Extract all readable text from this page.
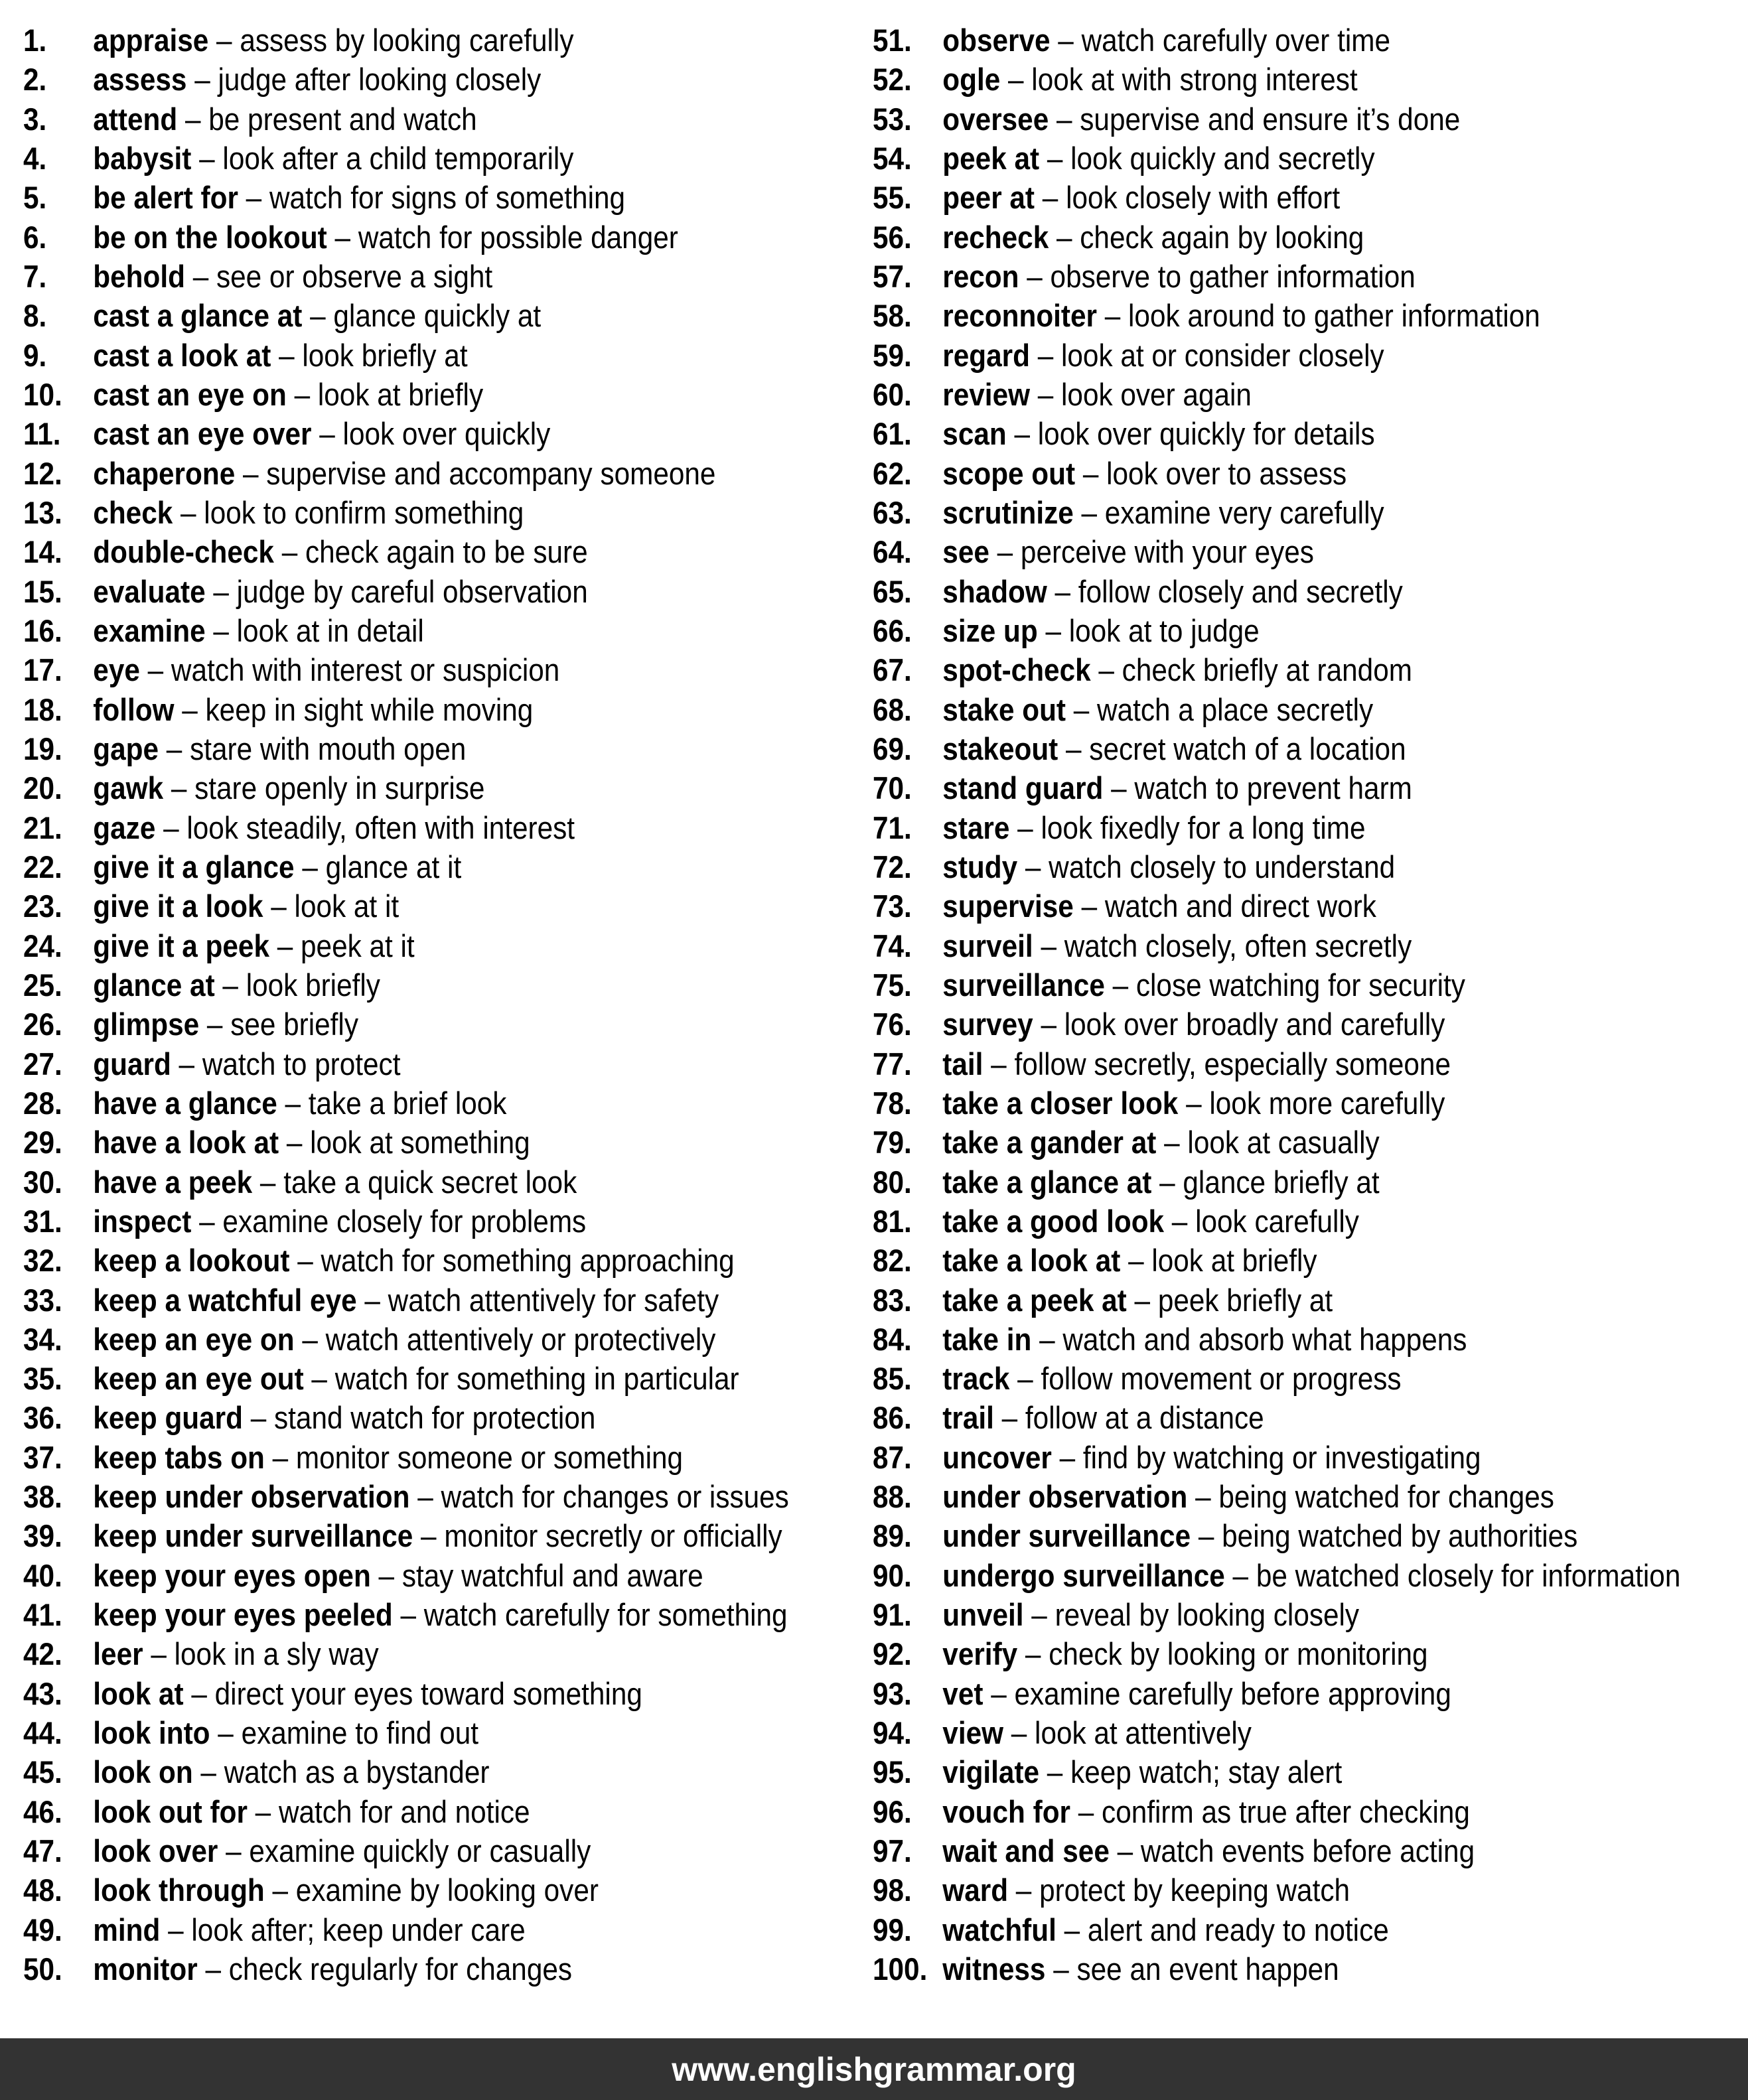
1.	appraise – assess by looking carefully
2.	assess – judge after looking closely
3.	attend – be present and watch
4.	babysit – look after a child temporarily
5.	be alert for – watch for signs of something
6.	be on the lookout – watch for possible danger
7.	behold – see or observe a sight
8.	cast a glance at – glance quickly at
9.	cast a look at – look briefly at
10. cast an eye on – look at briefly
11.	cast an eye over – look over quickly
12. chaperone – supervise and accompany someone
13. check – look to confirm something
14. double-check – check again to be sure
15. evaluate – judge by careful observation
16. examine – look at in detail
17. eye – watch with interest or suspicion
18. follow – keep in sight while moving
19. gape – stare with mouth open
20. gawk – stare openly in surprise
21. gaze – look steadily, often with interest
22. give it a glance – glance at it
23. give it a look – look at it
24. give it a peek – peek at it
25. glance at – look briefly
26. glimpse – see briefly
27. guard – watch to protect
28. have a glance – take a brief look
29. have a look at – look at something
30. have a peek – take a quick secret look
31. inspect – examine closely for problems
32. keep a lookout – watch for something approaching
33. keep a watchful eye – watch attentively for safety
34. keep an eye on – watch attentively or protectively
35. keep an eye out – watch for something in particular
36. keep guard – stand watch for protection
37. keep tabs on – monitor someone or something
38. keep under observation – watch for changes or issues
39. keep under surveillance – monitor secretly or officially
40. keep your eyes open – stay watchful and aware
41. keep your eyes peeled – watch carefully for something
42. leer – look in a sly way
43. look at – direct your eyes toward something
44. look into – examine to find out
45. look on – watch as a bystander
46. look out for – watch for and notice
47. look over – examine quickly or casually
48. look through – examine by looking over
49. mind – look after; keep under care
50. monitor – check regularly for changes
51. observe – watch carefully over time
52. ogle – look at with strong interest
53. oversee – supervise and ensure it’s done
54. peek at – look quickly and secretly
55. peer at – look closely with effort
56. recheck – check again by looking
57. recon – observe to gather information
58. reconnoiter – look around to gather information
59. regard – look at or consider closely
60. review – look over again
61. scan – look over quickly for details
62. scope out – look over to assess
63. scrutinize – examine very carefully
64. see – perceive with your eyes
65. shadow – follow closely and secretly
66. size up – look at to judge
67. spot-check – check briefly at random
68. stake out – watch a place secretly
69. stakeout – secret watch of a location
70. stand guard – watch to prevent harm
71. stare – look fixedly for a long time
72. study – watch closely to understand
73. supervise – watch and direct work
74. surveil – watch closely, often secretly
75. surveillance – close watching for security
76. survey – look over broadly and carefully
77. tail – follow secretly, especially someone
78. take a closer look – look more carefully
79. take a gander at – look at casually
80. take a glance at – glance briefly at
81. take a good look – look carefully
82. take a look at – look at briefly
83. take a peek at – peek briefly at
84. take in – watch and absorb what happens
85. track – follow movement or progress
86. trail – follow at a distance
87. uncover – find by watching or investigating
88. under observation – being watched for changes
89. under surveillance – being watched by authorities
90. undergo surveillance – be watched closely for information
91. unveil – reveal by looking closely
92. verify – check by looking or monitoring
93. vet – examine carefully before approving
94. view – look at attentively
95. vigilate – keep watch; stay alert
96. vouch for – confirm as true after checking
97. wait and see – watch events before acting
98. ward – protect by keeping watch
99. watchful – alert and ready to notice
100. witness – see an event happen
www.englishgrammar.org
